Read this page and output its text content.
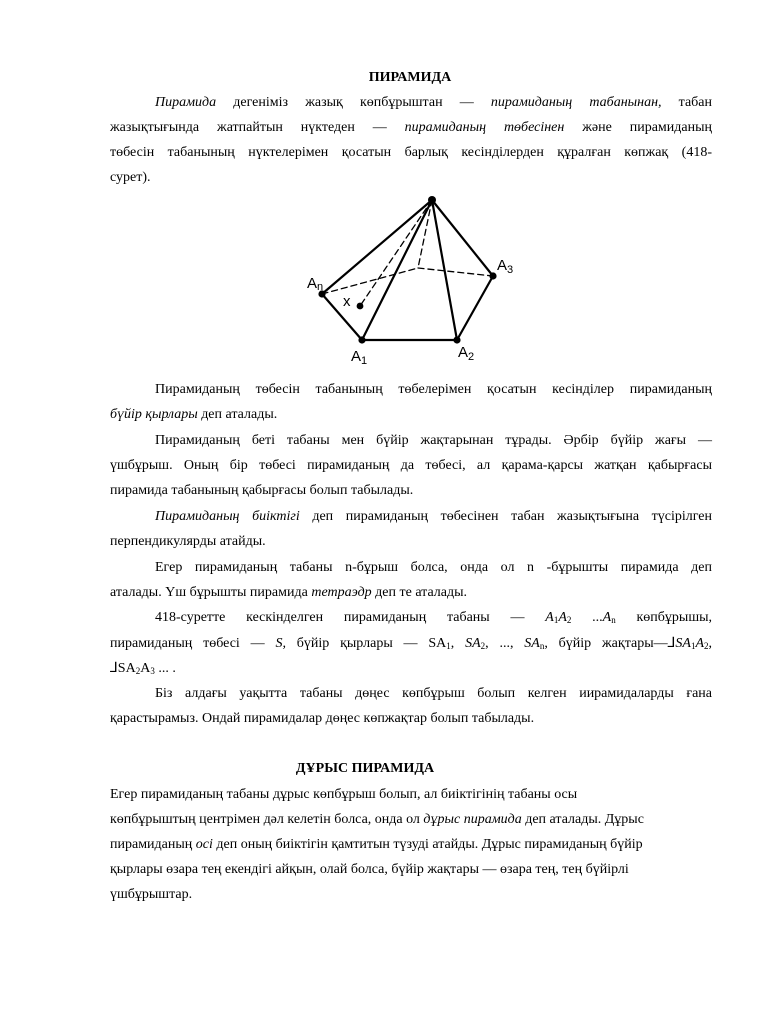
ПИРАМИДА
Пирамида дегеніміз жазық көпбұрыштан — пирамиданың табанынан, табан
жазықтығында жатпайтын нүктеден — пирамиданың төбесінен және пирамиданың
төбесін табанының нүктелерімен қосатын барлық кесінділерден құралған көпжақ (418-
сурет).
An
$A_3$
$A_1$	$A_2$
x
Пирамиданың төбесін табанының төбелерімен қосатын кесінділер пирамиданың
бүйір қырлары деп аталады.
Пирамиданың беті табаны мен бүйір жақтарынан тұрады. Әрбір бүйір жағы —
үшбұрыш. Оның бір төбесі пирамиданың да төбесі, ал қарама-қарсы жатқан қабырғасы
пирамида табанының қабырғасы болып табылады.
Пирамиданың биіктігі деп пирамиданың төбесінен табан жазықтығына түсірілген
перпендикулярды атайды.
Егер пирамиданың табаны n-бұрыш болса, онда ол n -бұрышты пирамида деп
аталады. Үш бұрышты пирамида тетраэдр деп те аталады.
418-суретте кескінделген пирамиданың табаны — $A_1A_2$ $...A_n$ көпбұрышы,
пирамиданың төбесі — S, бүйір қырлары — $SA_1$, $SA_2$, ..., $SA_n$, бүйір $жақтары—⅃SA_1A_2$,
$⅃SA_2A_3$ ... .
Біз алдағы уақытта табаны дөңес көпбұрыш болып келген ииpамидаларды ғана
қарастырамыз. Ондай пирамидалар дөңес көпжақтар болып табылады.
ДҰРЫС ПИРАМИДА
Егер пирамиданың табаны дұрыс көпбұрыш болып, ал биіктігінің табаны осы
көпбұрыштың центрімен дәл келетін болса, онда ол дұрыс пирамида деп аталады. Дұрыс
пирамиданың осі деп оның биіктігін қамтитын түзуді атайды. Дұрыс пирамиданың бүйір
қырлары өзара тең екендігі айқын, олай болса, бүйір жақтары — өзара тең, тең бүйірлі
үшбұрыштар.
